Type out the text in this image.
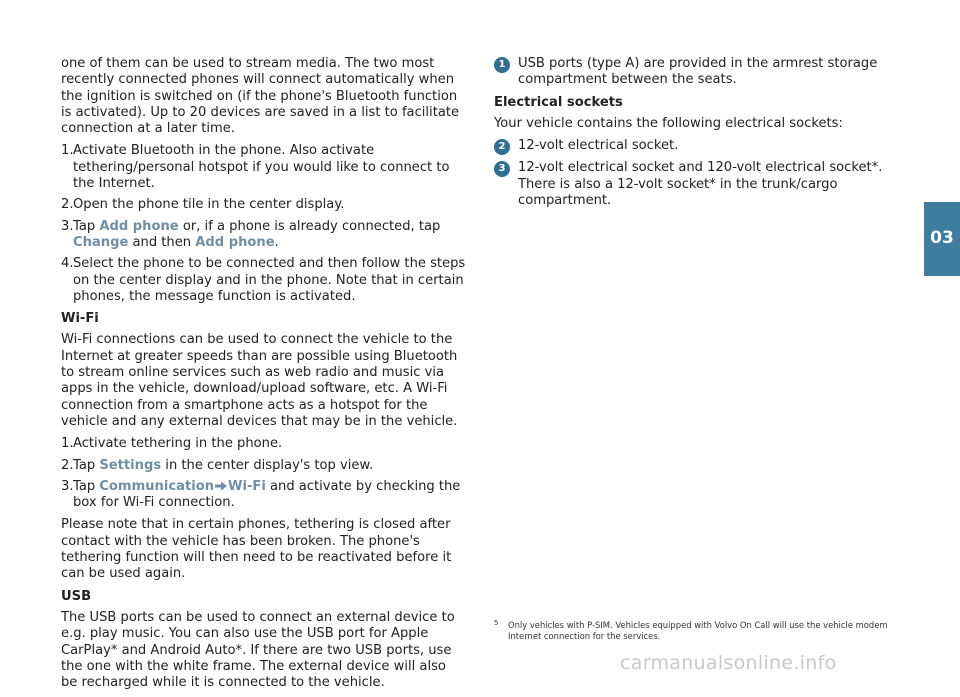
one of them can be used to stream media. The two most recently connected phones will connect automatically when the ignition is switched on (if the phone's Bluetooth function is activated). Up to 20 devices are saved in a list to facilitate connection at a later time.

1. Activate Bluetooth in the phone. Also activate tethering/personal hotspot if you would like to connect to the Internet.
2. Open the phone tile in the center display.
3. Tap Add phone or, if a phone is already connected, tap Change and then Add phone.
4. Select the phone to be connected and then follow the steps on the center display and in the phone. Note that in certain phones, the message function is activated.
Wi-Fi

Wi-Fi connections can be used to connect the vehicle to the Internet at greater speeds than are possible using Bluetooth to stream online services such as web radio and music via apps in the vehicle, download/upload software, etc. A Wi-Fi connection from a smartphone acts as a hotspot for the vehicle and any external devices that may be in the vehicle.

1. Activate tethering in the phone.
2. Tap Settings in the center display's top view.
3. Tap Communication Wi-Fi and activate by checking the box for Wi-Fi connection.

Please note that in certain phones, tethering is closed after contact with the vehicle has been broken. The phone's tethering function will then need to be reactivated before it can be used again.

USB

The USB ports can be used to connect an external device to e.g. play music. You can also use the USB port for Apple CarPlay* and Android Auto*. If there are two USB ports, use the one with the white frame. The external device will also be recharged while it is connected to the vehicle.

1 USB ports (type A) are provided in the armrest storage compartment between the seats.
Electrical sockets

Your vehicle contains the following electrical sockets:

2 12-volt electrical socket.
3 12-volt electrical socket and 120-volt electrical socket*. There is also a 12-volt socket* in the trunk/cargo compartment.
5	Only vehicles with P-SIM. Vehicles equipped with Volvo On Call will use the vehicle modem Internet connection for the services.
03
carmanualsonline.info
